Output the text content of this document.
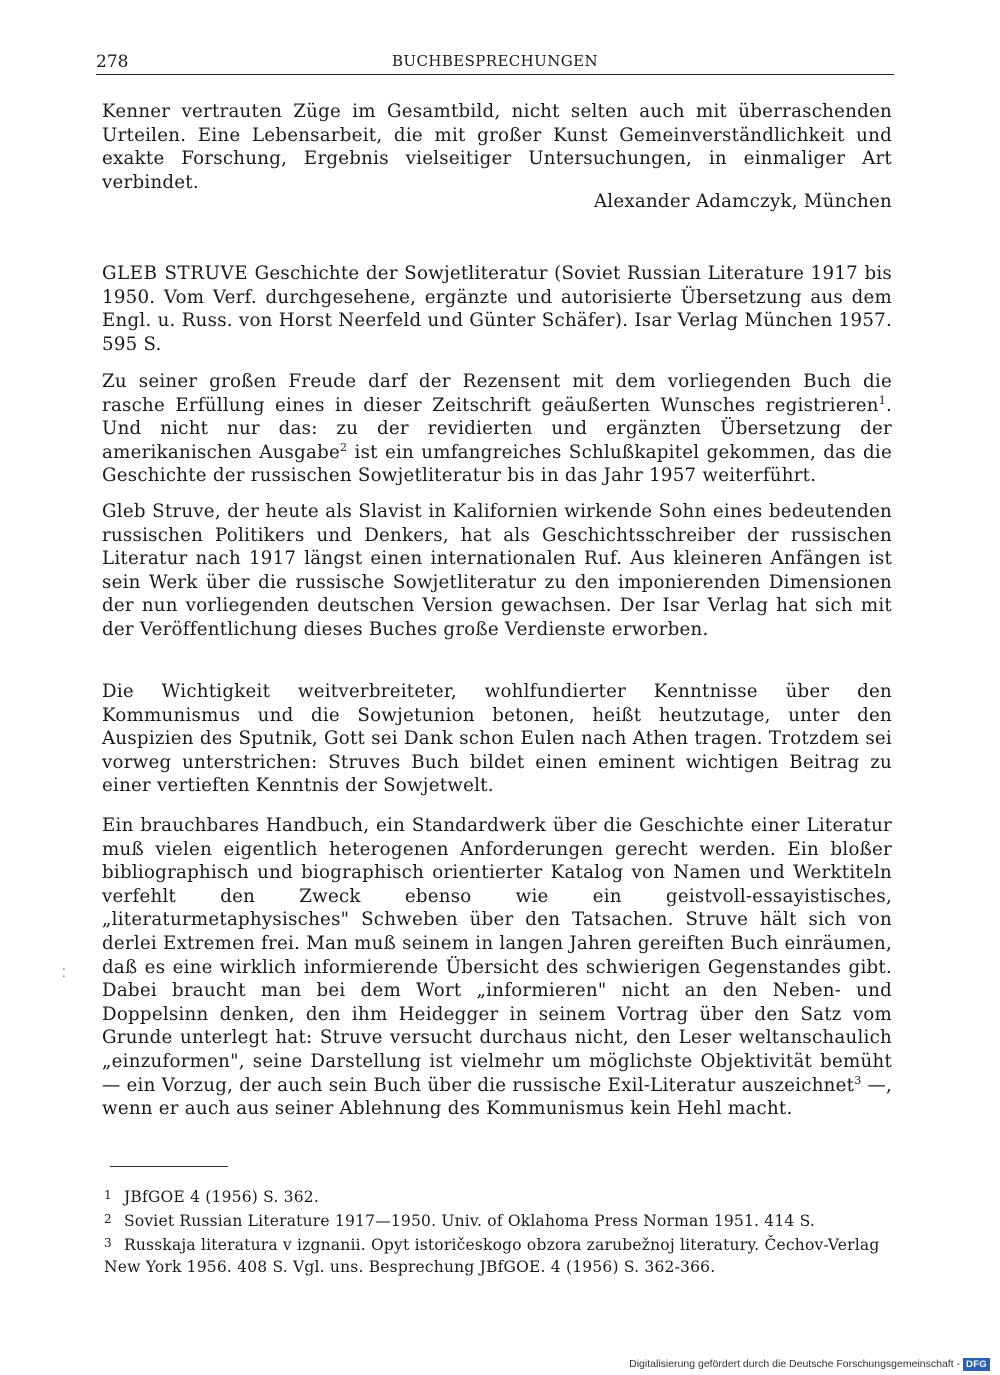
278	BUCHBESPRECHUNGEN

Kenner vertrauten Züge im Gesamtbild, nicht selten auch mit überraschenden Urteilen. Eine Lebensarbeit, die mit großer Kunst Gemeinverständlichkeit und exakte Forschung, Ergebnis vielseitiger Untersuchungen, in einmaliger Art verbindet.

Alexander Adamczyk, München

GLEB STRUVE Geschichte der Sowjetliteratur (Soviet Russian Literature 1917 bis 1950. Vom Verf. durchgesehene, ergänzte und autorisierte Übersetzung aus dem Engl. u. Russ. von Horst Neerfeld und Günter Schäfer). Isar Verlag München 1957. 595 S.

Zu seiner großen Freude darf der Rezensent mit dem vorliegenden Buch die rasche Erfüllung eines in dieser Zeitschrift geäußerten Wunsches registrieren$^1$. Und nicht nur das: zu der revidierten und ergänzten Übersetzung der amerikanischen Ausgabe$^2$ ist ein umfangreiches Schlußkapitel gekommen, das die Geschichte der russischen Sowjetliteratur bis in das Jahr 1957 weiterführt.

Gleb Struve, der heute als Slavist in Kalifornien wirkende Sohn eines bedeutenden russischen Politikers und Denkers, hat als Geschichtsschreiber der russischen Literatur nach 1917 längst einen internationalen Ruf. Aus kleineren Anfängen ist sein Werk über die russische Sowjetliteratur zu den imponierenden Dimensionen der nun vorliegenden deutschen Version gewachsen. Der Isar Verlag hat sich mit der Veröffentlichung dieses Buches große Verdienste erworben.

Die Wichtigkeit weitverbreiteter, wohlfundierter Kenntnisse über den Kommunismus und die Sowjetunion betonen, heißt heutzutage, unter den Auspizien des Sputnik, Gott sei Dank schon Eulen nach Athen tragen. Trotzdem sei vorweg unterstrichen: Struves Buch bildet einen eminent wichtigen Beitrag zu einer vertieften Kenntnis der Sowjetwelt.

Ein brauchbares Handbuch, ein Standardwerk über die Geschichte einer Literatur muß vielen eigentlich heterogenen Anforderungen gerecht werden. Ein bloßer bibliographisch und biographisch orientierter Katalog von Namen und Werktiteln verfehlt den Zweck ebenso wie ein geistvoll-essayistisches, „literaturmetaphysisches" Schweben über den Tatsachen. Struve hält sich von derlei Extremen frei. Man muß seinem in langen Jahren gereiften Buch einräumen, daß es eine wirklich informierende Übersicht des schwierigen Gegenstandes gibt. Dabei braucht man bei dem Wort „informieren" nicht an den Neben- und Doppelsinn denken, den ihm Heidegger in seinem Vortrag über den Satz vom Grunde unterlegt hat: Struve versucht durchaus nicht, den Leser weltanschaulich „einzuformen", seine Darstellung ist vielmehr um möglichste Objektivität bemüht — ein Vorzug, der auch sein Buch über die russische Exil-Literatur auszeichnet$^3$ —, wenn er auch aus seiner Ablehnung des Kommunismus kein Hehl macht.

⁚
1 JBfGOE 4 (1956) S. 362.
2 Soviet Russian Literature 1917—1950. Univ. of Oklahoma Press Norman 1951. 414 S.
3 Russkaja literatura v izgnanii. Opyt istoričeskogo obzora zarubežnoj literatury. Čechov-Verlag New York 1956. 408 S. Vgl. uns. Besprechung JBfGOE. 4 (1956) S. 362-366.
Digitalisierung gefördert durch die Deutsche Forschungsgemeinschaft - DFG
